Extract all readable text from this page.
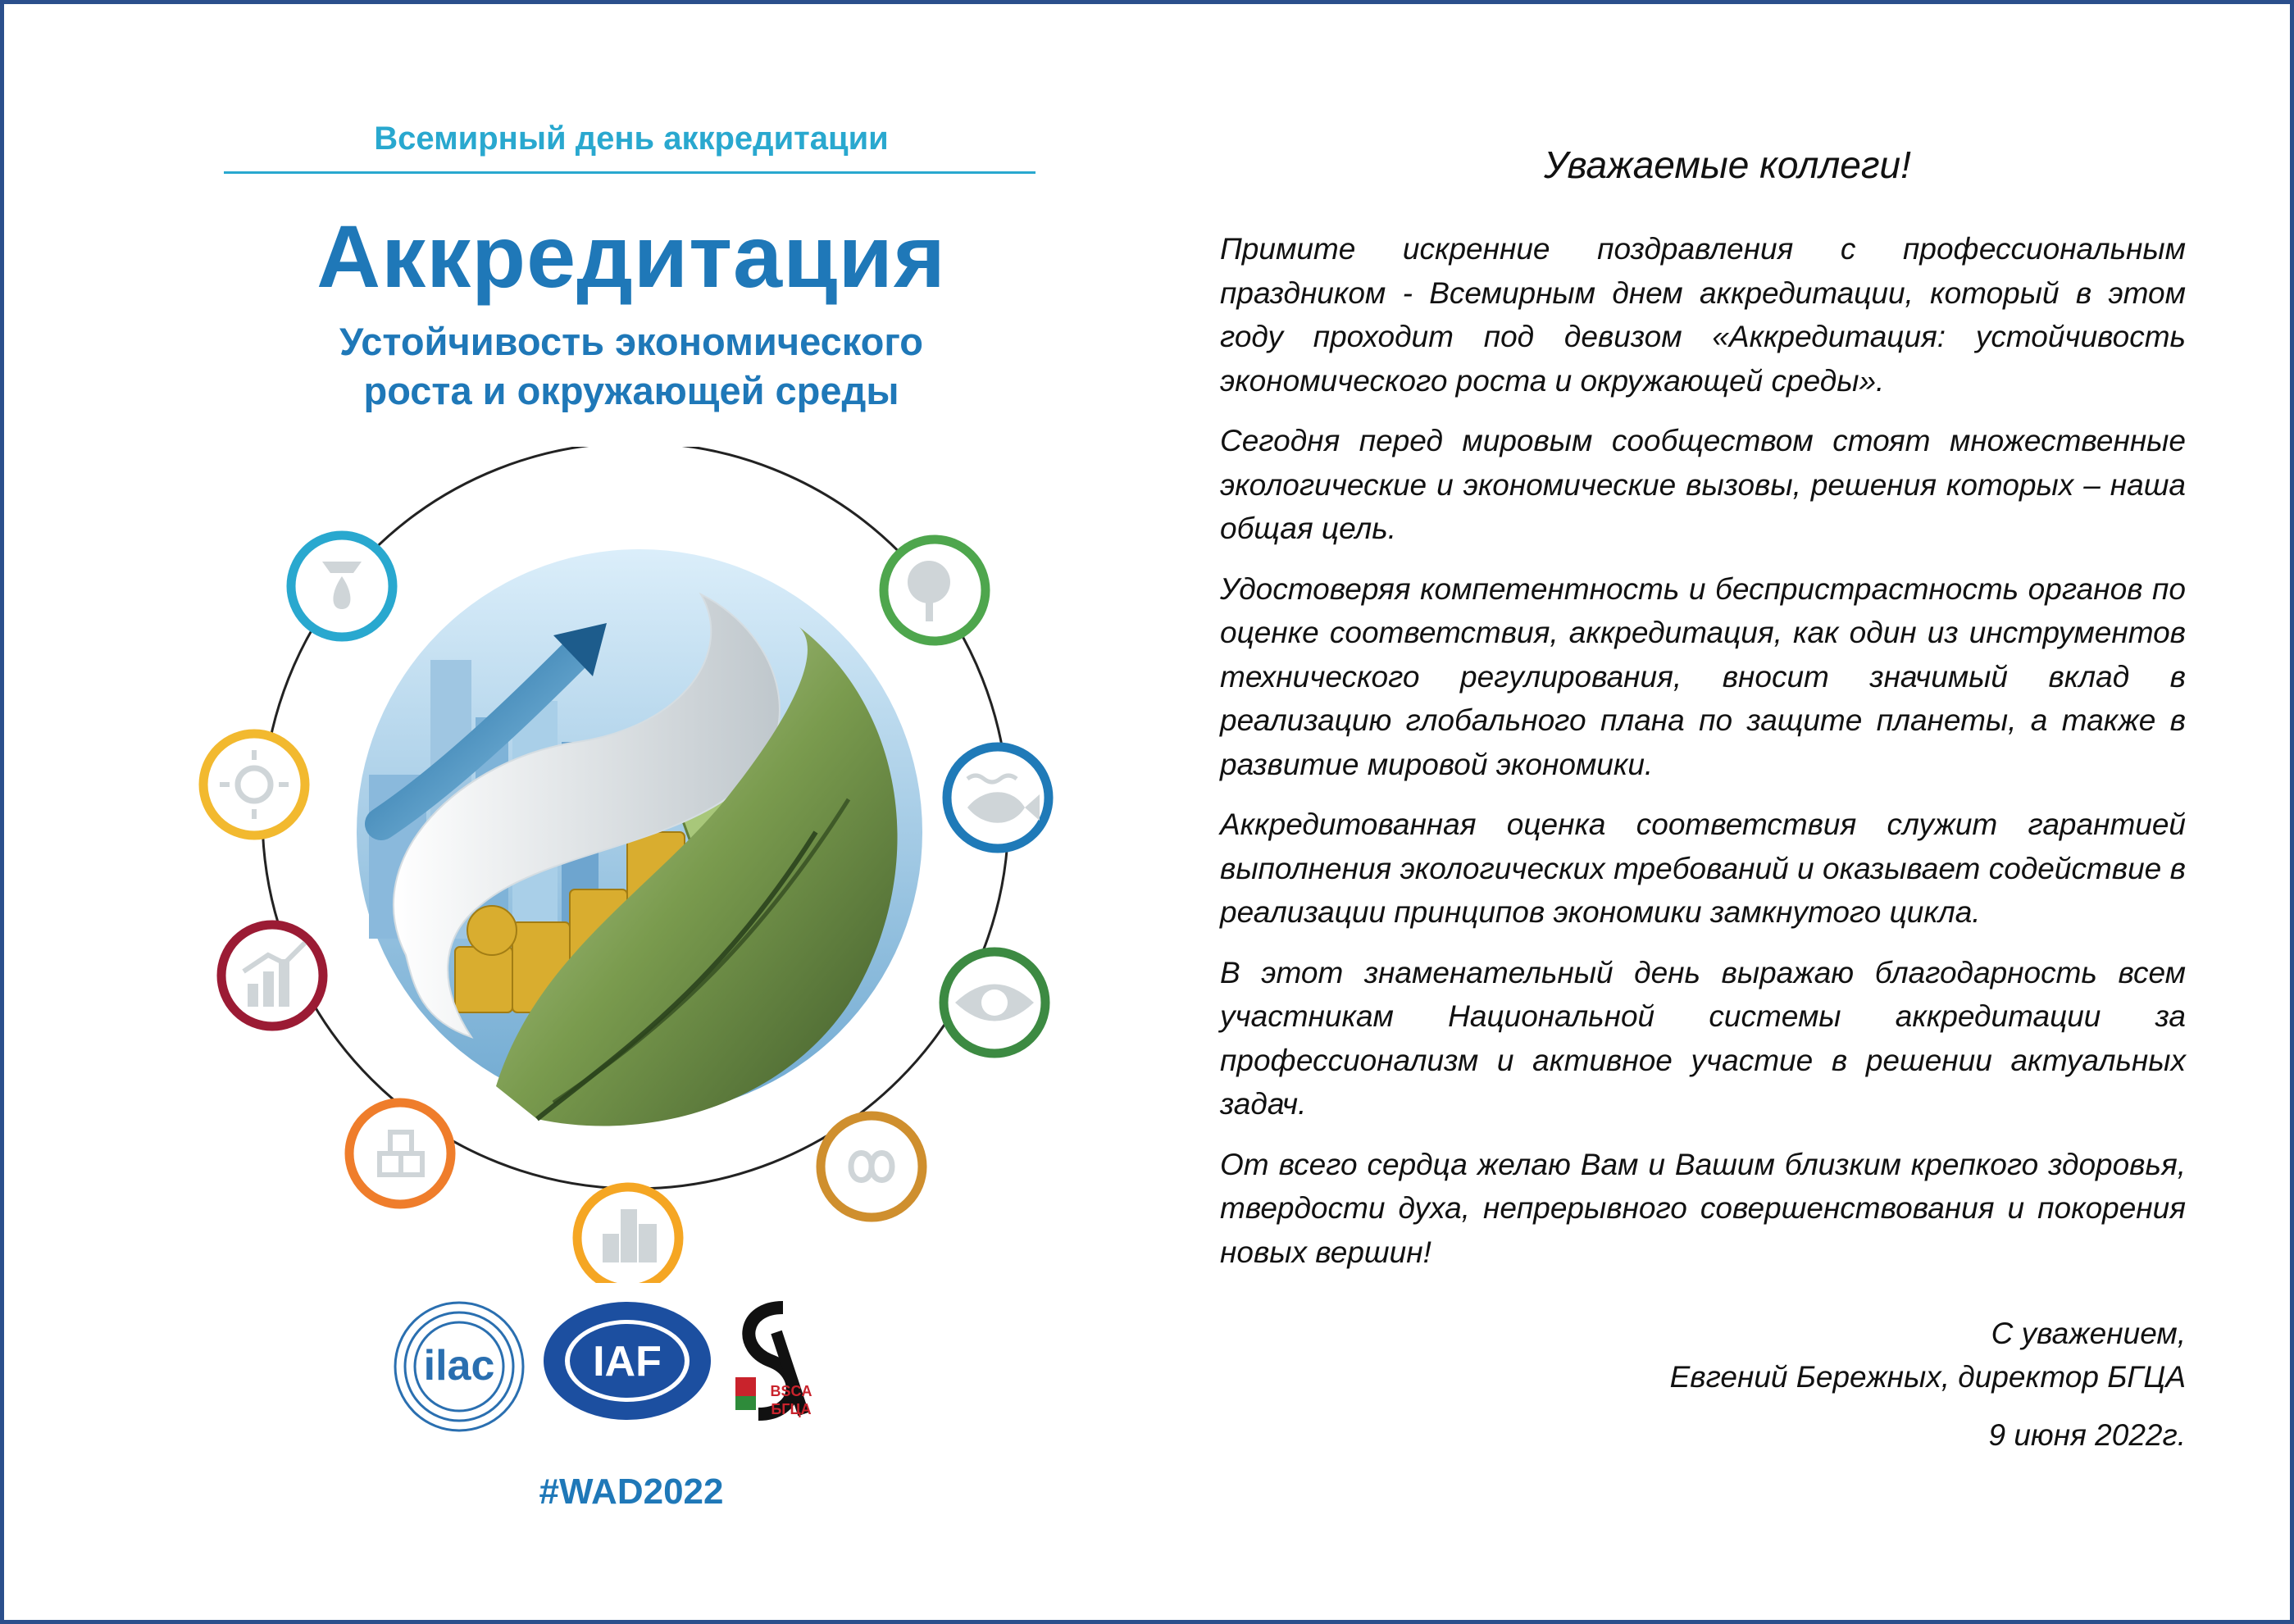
Всемирный день аккредитации
Аккредитация
Устойчивость экономического
роста и окружающей среды
ilac IAF
BSCA
БГЦА
#WAD2022
Уважаемые коллеги!

Примите искренние поздравления с профессиональным праздником - Всемирным днем аккредитации, который в этом году проходит под девизом «Аккредитация: устойчивость экономического роста и окружающей среды».

Сегодня перед мировым сообществом стоят множественные экологические и экономические вызовы, решения которых – наша общая цель.

Удостоверяя компетентность и беспристрастность органов по оценке соответствия, аккредитация, как один из инструментов технического регулирования, вносит значимый вклад в реализацию глобального плана по защите планеты, а также в развитие мировой экономики.

Аккредитованная оценка соответствия служит гарантией выполнения экологических требований и оказывает содействие в реализации принципов экономики замкнутого цикла.

В этот знаменательный день выражаю благодарность всем участникам Национальной системы аккредитации за профессионализм и активное участие в решении актуальных задач.

От всего сердца желаю Вам и Вашим близким крепкого здоровья, твердости духа, непрерывного совершенствования и покорения новых вершин!

С уважением,
Евгений Бережных, директор БГЦА
9 июня 2022г.
